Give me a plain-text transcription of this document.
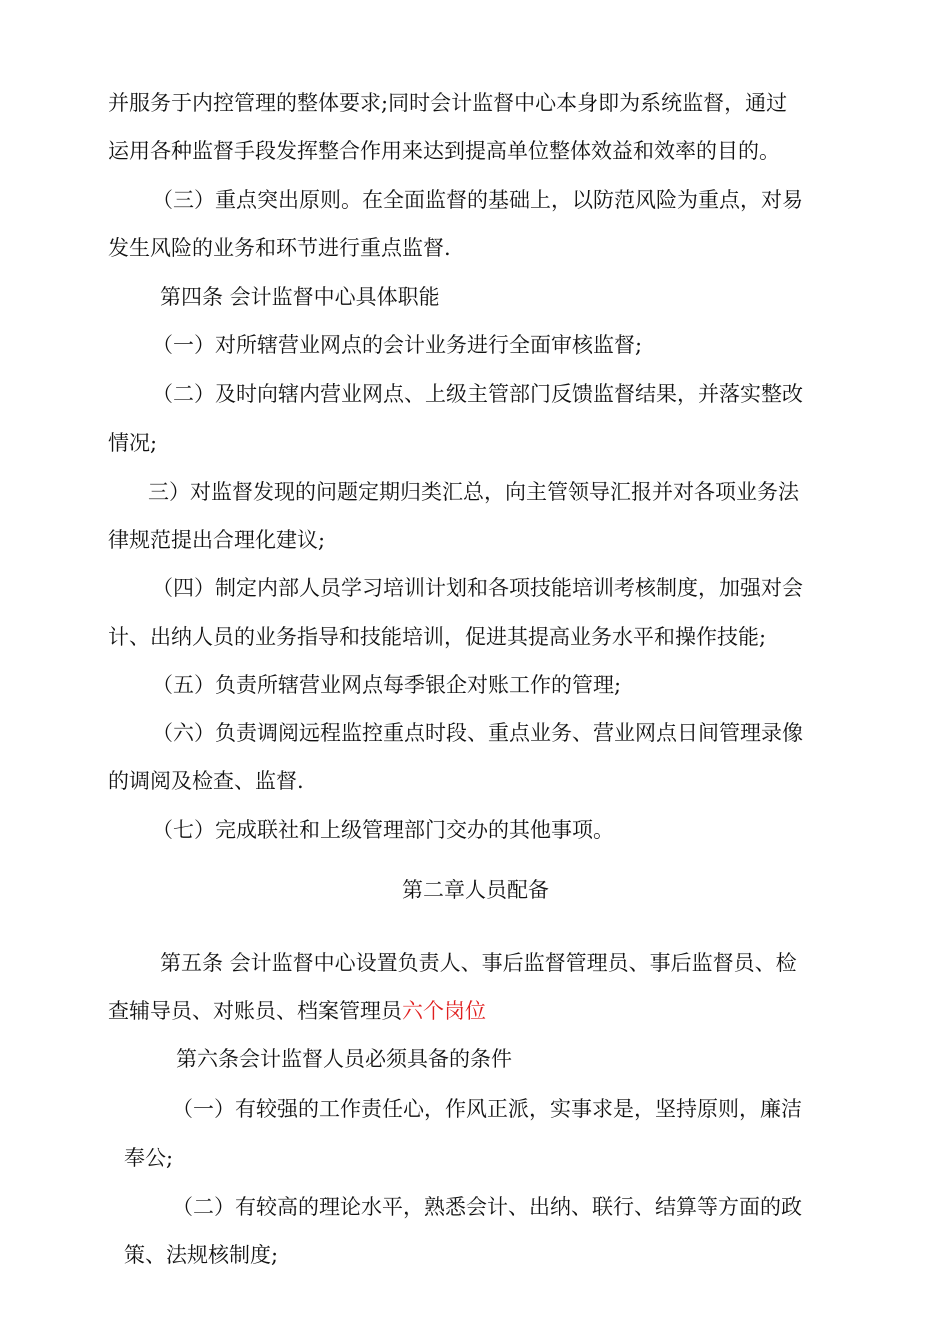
并服务于内控管理的整体要求;同时会计监督中心本身即为系统监督，通过

运用各种监督手段发挥整合作用来达到提高单位整体效益和效率的目的。

（三）重点突出原则。在全面监督的基础上，以防范风险为重点，对易

发生风险的业务和环节进行重点监督.

第四条 会计监督中心具体职能

（一）对所辖营业网点的会计业务进行全面审核监督;

（二）及时向辖内营业网点、上级主管部门反馈监督结果，并落实整改

情况;

三）对监督发现的问题定期归类汇总，向主管领导汇报并对各项业务法

律规范提出合理化建议;

（四）制定内部人员学习培训计划和各项技能培训考核制度，加强对会

计、出纳人员的业务指导和技能培训，促进其提高业务水平和操作技能;

（五）负责所辖营业网点每季银企对账工作的管理;

（六）负责调阅远程监控重点时段、重点业务、营业网点日间管理录像

的调阅及检查、监督.

（七）完成联社和上级管理部门交办的其他事项。

第二章人员配备

第五条 会计监督中心设置负责人、事后监督管理员、事后监督员、检

查辅导员、对账员、档案管理员六个岗位

第六条会计监督人员必须具备的条件

（一）有较强的工作责任心，作风正派，实事求是，坚持原则，廉洁

奉公;

（二）有较高的理论水平，熟悉会计、出纳、联行、结算等方面的政

策、法规核制度;
